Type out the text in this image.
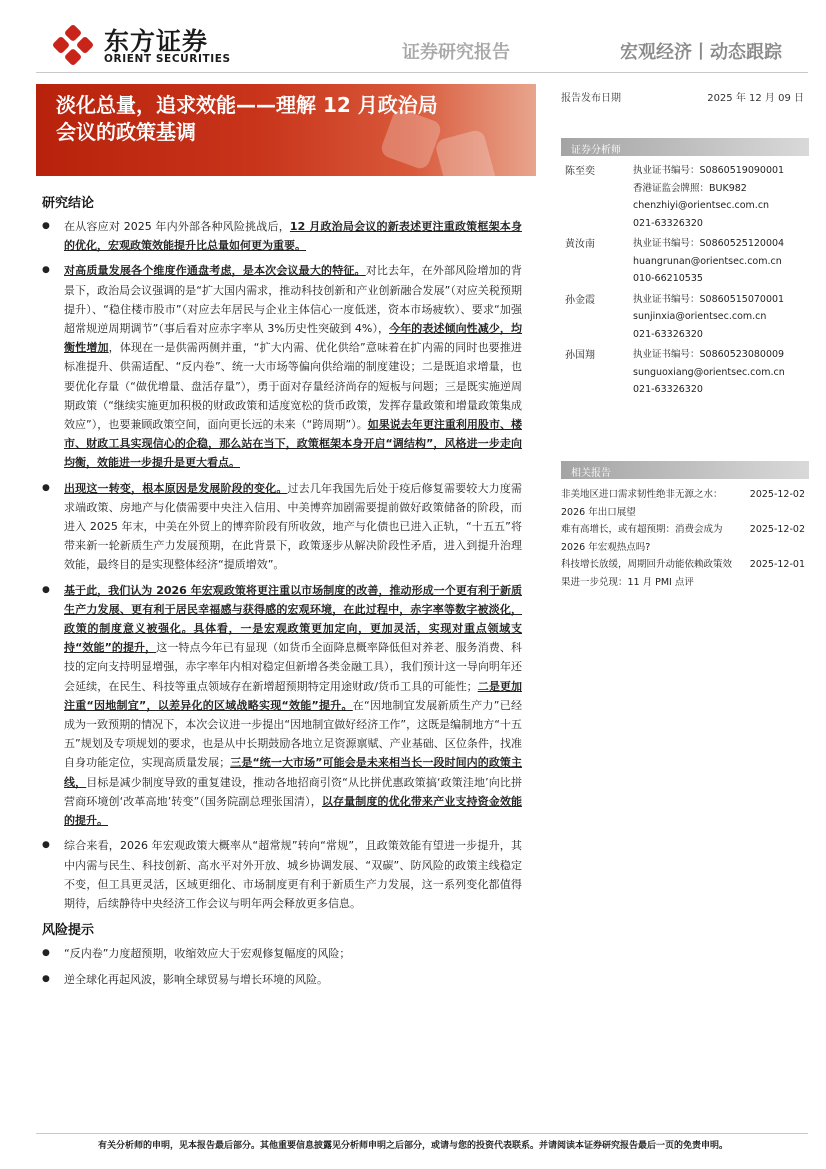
东方证券
ORIENT SECURITIES	证券研究报告	宏观经济丨动态跟踪
淡化总量，追求效能——理解 12 月政治局
会议的政策基调
报告发布日期	2025 年 12 月 09 日
证券分析师
陈至奕	执业证书编号：S0860519090001
香港证监会牌照：BUK982
chenzhiyi@orientsec.com.cn
021-63326320
黄汝南	执业证书编号：S0860525120004
huangrunan@orientsec.com.cn
010-66210535
孙金霞	执业证书编号：S0860515070001
sunjinxia@orientsec.com.cn
021-63326320
孙国翔	执业证书编号：S0860523080009
sunguoxiang@orientsec.com.cn
021-63326320
相关报告
非美地区进口需求韧性绝非无源之水：2026 年出口展望
2025-12-02
难有高增长，或有超预期：消费会成为 2026 年宏观热点吗?
2025-12-02
科技增长放缓，周期回升动能依赖政策效果进一步兑现：11 月 PMI 点评
2025-12-01
研究结论
● 在从容应对 2025 年内外部各种风险挑战后，12 月政治局会议的新表述更注重政策框架本身的优化，宏观政策效能提升比总量如何更为重要。
● 对高质量发展各个维度作通盘考虑，是本次会议最大的特征。对比去年，在外部风险增加的背景下，政治局会议强调的是“扩大国内需求，推动科技创新和产业创新融合发展”（对应关税预期提升）、“稳住楼市股市”（对应去年居民与企业主体信心一度低迷，资本市场疲软）、要求“加强超常规逆周期调节”（事后看对应赤字率从 3%历史性突破到 4%），今年的表述倾向性减少，均衡性增加，体现在一是供需两侧并重，“扩大内需、优化供给”意味着在扩内需的同时也要推进标准提升、供需适配、“反内卷”、统一大市场等偏向供给端的制度建设；二是既追求增量，也要优化存量（“做优增量、盘活存量”），勇于面对存量经济尚存的短板与问题；三是既实施逆周期政策（“继续实施更加积极的财政政策和适度宽松的货币政策，发挥存量政策和增量政策集成效应”），也要兼顾政策空间，面向更长远的未来（“跨周期”）。如果说去年更注重利用股市、楼市、财政工具实现信心的企稳，那么站在当下，政策框架本身开启“调结构”，风格进一步走向均衡，效能进一步提升是更大看点。
● 出现这一转变，根本原因是发展阶段的变化。过去几年我国先后处于疫后修复需要较大力度需求端政策、房地产与化债需要中央注入信用、中美博弈加剧需要提前做好政策储备的阶段，而进入 2025 年末，中美在外贸上的博弈阶段有所收敛，地产与化债也已进入正轨，“十五五”将带来新一轮新质生产力发展预期，在此背景下，政策逐步从解决阶段性矛盾，进入到提升治理效能，最终目的是实现整体经济“提质增效”。
● 基于此，我们认为 2026 年宏观政策将更注重以市场制度的改善，推动形成一个更有利于新质生产力发展、更有利于居民幸福感与获得感的宏观环境，在此过程中，赤字率等数字被淡化，政策的制度意义被强化。具体看，一是宏观政策更加定向，更加灵活，实现对重点领域支持“效能”的提升，这一特点今年已有显现（如货币全面降息概率降低但对养老、服务消费、科技的定向支持明显增强，赤字率年内相对稳定但新增各类金融工具），我们预计这一导向明年还会延续，在民生、科技等重点领域存在新增超预期特定用途财政/货币工具的可能性；二是更加注重“因地制宜”，以差异化的区域战略实现“效能”提升。在“因地制宜发展新质生产力”已经成为一致预期的情况下，本次会议进一步提出“因地制宜做好经济工作”，这既是编制地方“十五五”规划及专项规划的要求，也是从中长期鼓励各地立足资源禀赋、产业基础、区位条件，找准自身功能定位，实现高质量发展；三是“统一大市场”可能会是未来相当长一段时间内的政策主线，目标是减少制度导致的重复建设，推动各地招商引资“从比拼优惠政策搞‘政策洼地’向比拼营商环境创‘改革高地’转变”（国务院副总理张国清），以存量制度的优化带来产业支持资金效能的提升。
● 综合来看，2026 年宏观政策大概率从“超常规”转向“常规”，且政策效能有望进一步提升，其中内需与民生、科技创新、高水平对外开放、城乡协调发展、“双碳”、防风险的政策主线稳定不变，但工具更灵活，区域更细化、市场制度更有利于新质生产力发展，这一系列变化都值得期待，后续静待中央经济工作会议与明年两会释放更多信息。
风险提示
● “反内卷”力度超预期，收缩效应大于宏观修复幅度的风险；
● 逆全球化再起风波，影响全球贸易与增长环境的风险。
有关分析师的申明，见本报告最后部分。其他重要信息披露见分析师申明之后部分，或请与您的投资代表联系。并请阅读本证券研究报告最后一页的免责申明。
